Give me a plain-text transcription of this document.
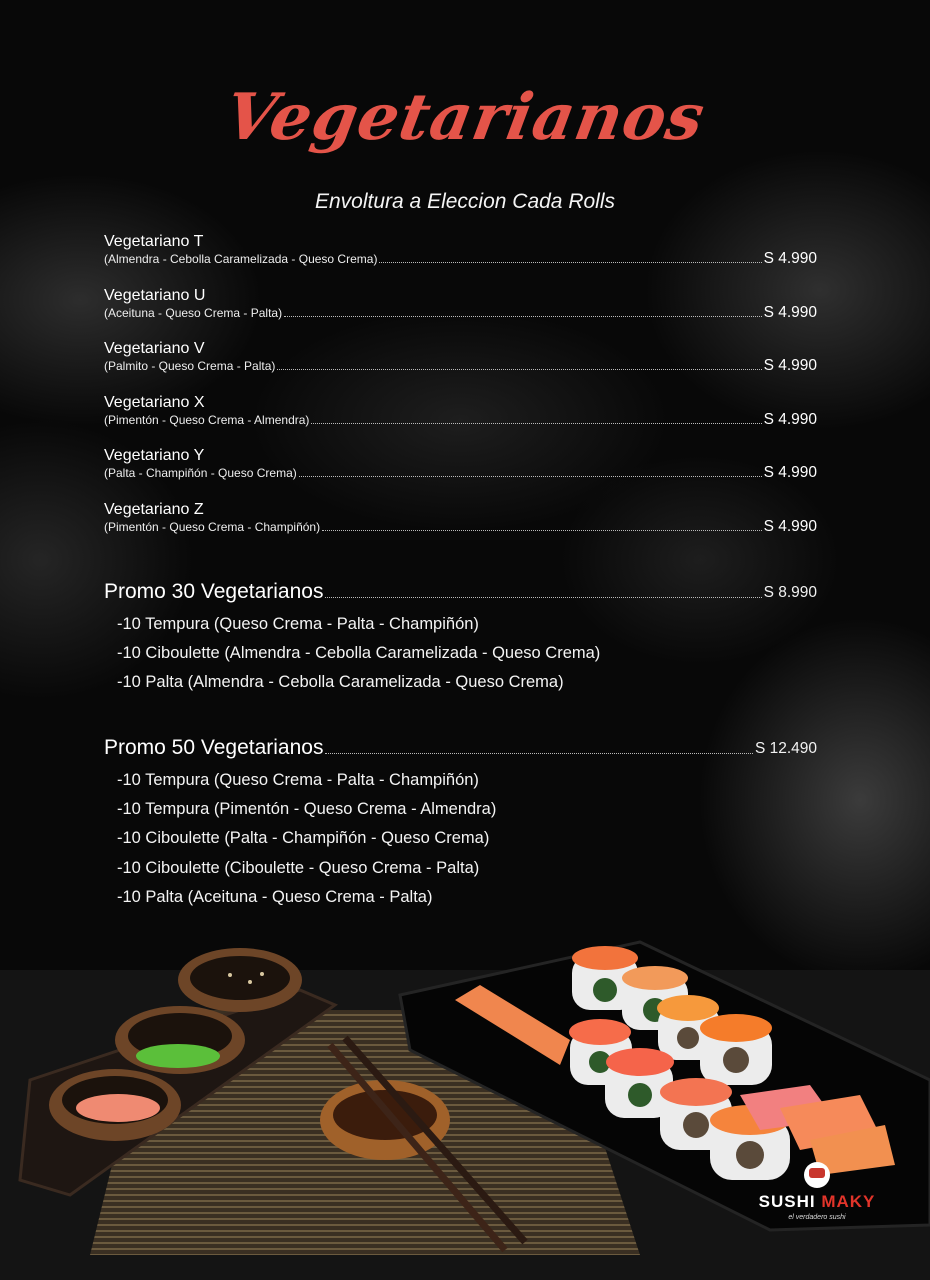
Vegetarianos
Envoltura a Eleccion Cada Rolls
Vegetariano T
(Almendra - Cebolla Caramelizada - Queso Crema)	S 4.990
Vegetariano U
(Aceituna - Queso Crema - Palta)	S 4.990
Vegetariano V
(Palmito - Queso Crema - Palta)	S 4.990
Vegetariano X
(Pimentón - Queso Crema - Almendra)	S 4.990
Vegetariano Y
(Palta - Champiñón - Queso Crema)	S 4.990
Vegetariano Z
(Pimentón - Queso Crema - Champiñón)	S 4.990
Promo 30 Vegetarianos	S 8.990
-10 Tempura (Queso Crema - Palta - Champiñón)
-10 Ciboulette (Almendra - Cebolla Caramelizada - Queso Crema)
-10 Palta (Almendra - Cebolla Caramelizada - Queso Crema)
Promo 50 Vegetarianos	S 12.490
-10 Tempura (Queso Crema - Palta - Champiñón)
-10 Tempura (Pimentón - Queso Crema - Almendra)
-10 Ciboulette (Palta - Champiñón - Queso Crema)
-10 Ciboulette (Ciboulette - Queso Crema - Palta)
-10 Palta (Aceituna - Queso Crema - Palta)
SUSHI MAKY
el verdadero sushi
